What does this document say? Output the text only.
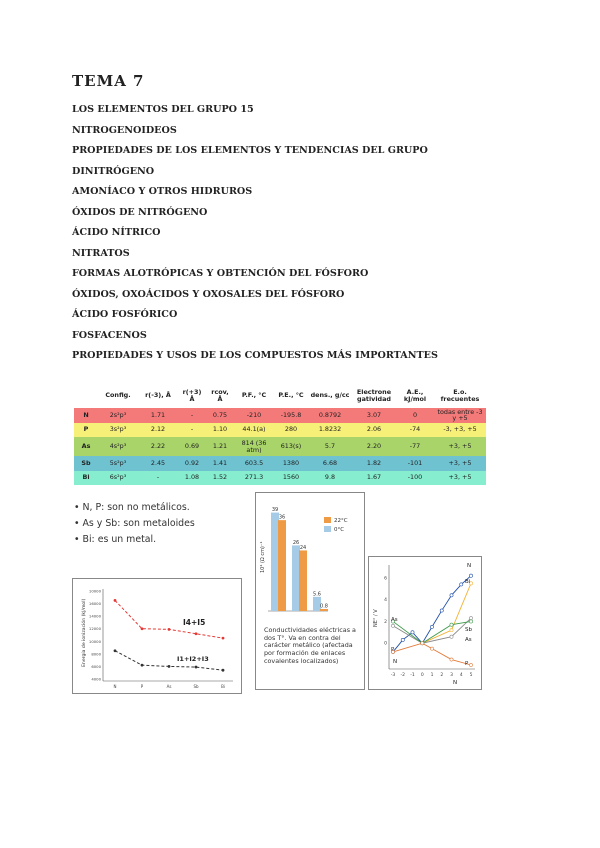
TEMA 7
LOS ELEMENTOS DEL GRUPO 15
NITROGENOIDEOS
PROPIEDADES DE LOS ELEMENTOS Y TENDENCIAS DEL GRUPO
DINITRÓGENO
AMONÍACO Y OTROS HIDRUROS
ÓXIDOS DE NITRÓGENO
ÁCIDO NÍTRICO
NITRATOS
FORMAS ALOTRÓPICAS Y OBTENCIÓN DEL FÓSFORO
ÓXIDOS, OXOÁCIDOS Y OXOSALES DEL FÓSFORO
ÁCIDO FOSFÓRICO
FOSFACENOS
PROPIEDADES Y USOS DE LOS COMPUESTOS MÁS IMPORTANTES
	Config.	r(-3), Å	r(+3) Å	rcov, Å	P.F., °C	P.E., °C	dens., g/cc	Electrone gatividad	A.E., kJ/mol	E.o. frecuentes
N	2s²p³	1.71	-	0.75	-210	-195.8	0.8792	3.07	0	todas entre -3 y +5
P	3s²p³	2.12	-	1.10	44.1(a)	280	1.8232	2.06	-74	-3, +3, +5
As	4s²p³	2.22	0.69	1.21	814 (36 atm)	613(s)	5.7	2.20	-77	+3, +5
Sb	5s²p³	2.45	0.92	1.41	603.5	1380	6.68	1.82	-101	+3, +5
Bi	6s²p³	-	1.08	1.52	271.3	1560	9.8	1.67	-100	+3, +5
• N, P: son no metálicos.
• As y Sb: son metaloides
• Bi: es un metal.
Energía de ionización (kJ/mol)
10000
16000
14000
12000
10000
8000
6000
4000
N	P	As	Sb	Bi
I4+I5
I1+I2+I3
10⁴ (Ω cm)⁻¹
39
36
26
24
5.6
0.8
22°C
0°C
Conductividades eléctricas a dos T°. Va en contra del carácter metálico (afectada por formación de enlaces covalentes localizados)
NE° / V
6
4
2
0
-3 -2 -1 0 1 2 3 4 5
N
Bi
As
P
Sb
As
N	P
N
